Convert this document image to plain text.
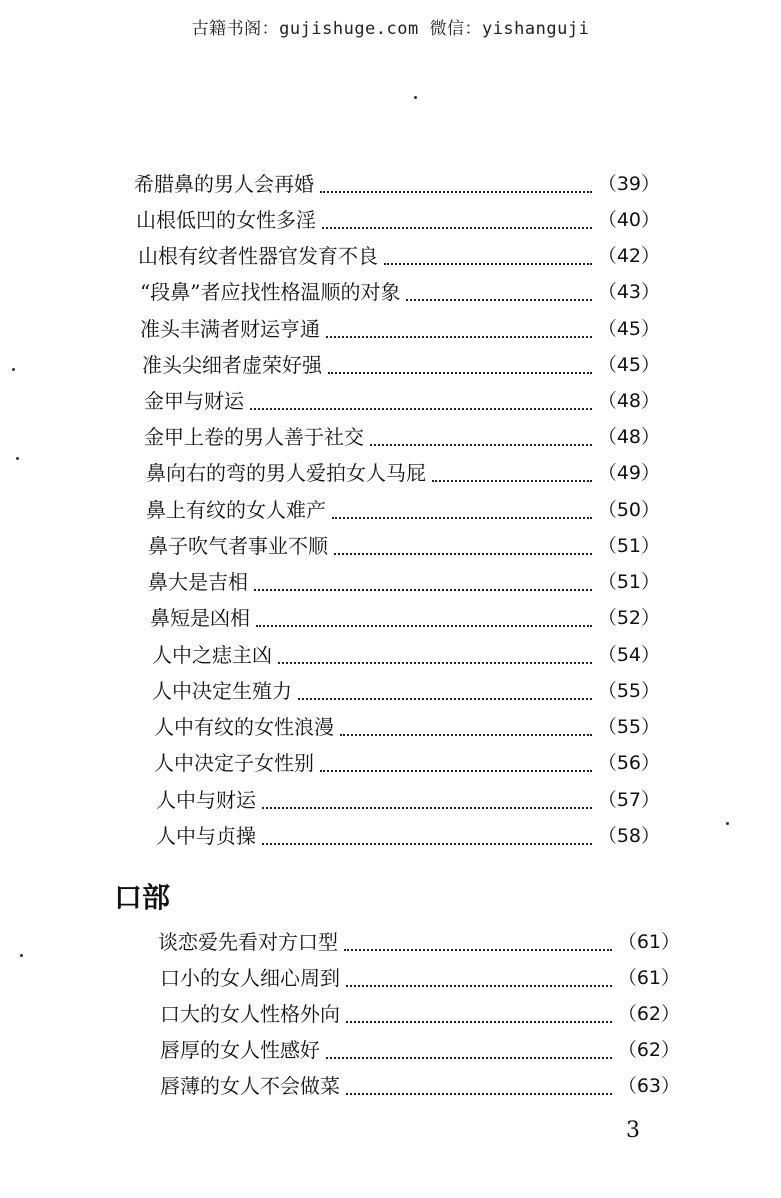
古籍书阁：gujishuge.com 微信：yishanguji
希腊鼻的男人会再婚	（39）
山根低凹的女性多淫	（40）
山根有纹者性器官发育不良	（42）
“段鼻”者应找性格温顺的对象	（43）
准头丰满者财运亨通	（45）
准头尖细者虚荣好强	（45）
金甲与财运	（48）
金甲上卷的男人善于社交	（48）
鼻向右的弯的男人爱拍女人马屁	（49）
鼻上有纹的女人难产	（50）
鼻子吹气者事业不顺	（51）
鼻大是吉相	（51）
鼻短是凶相	（52）
人中之痣主凶	（54）
人中决定生殖力	（55）
人中有纹的女性浪漫	（55）
人中决定子女性别	（56）
人中与财运	（57）
人中与贞操	（58）
谈恋爱先看对方口型	（61）
口小的女人细心周到	（61）
口大的女人性格外向	（62）
唇厚的女人性感好	（62）
唇薄的女人不会做菜	（63）
口部
3
